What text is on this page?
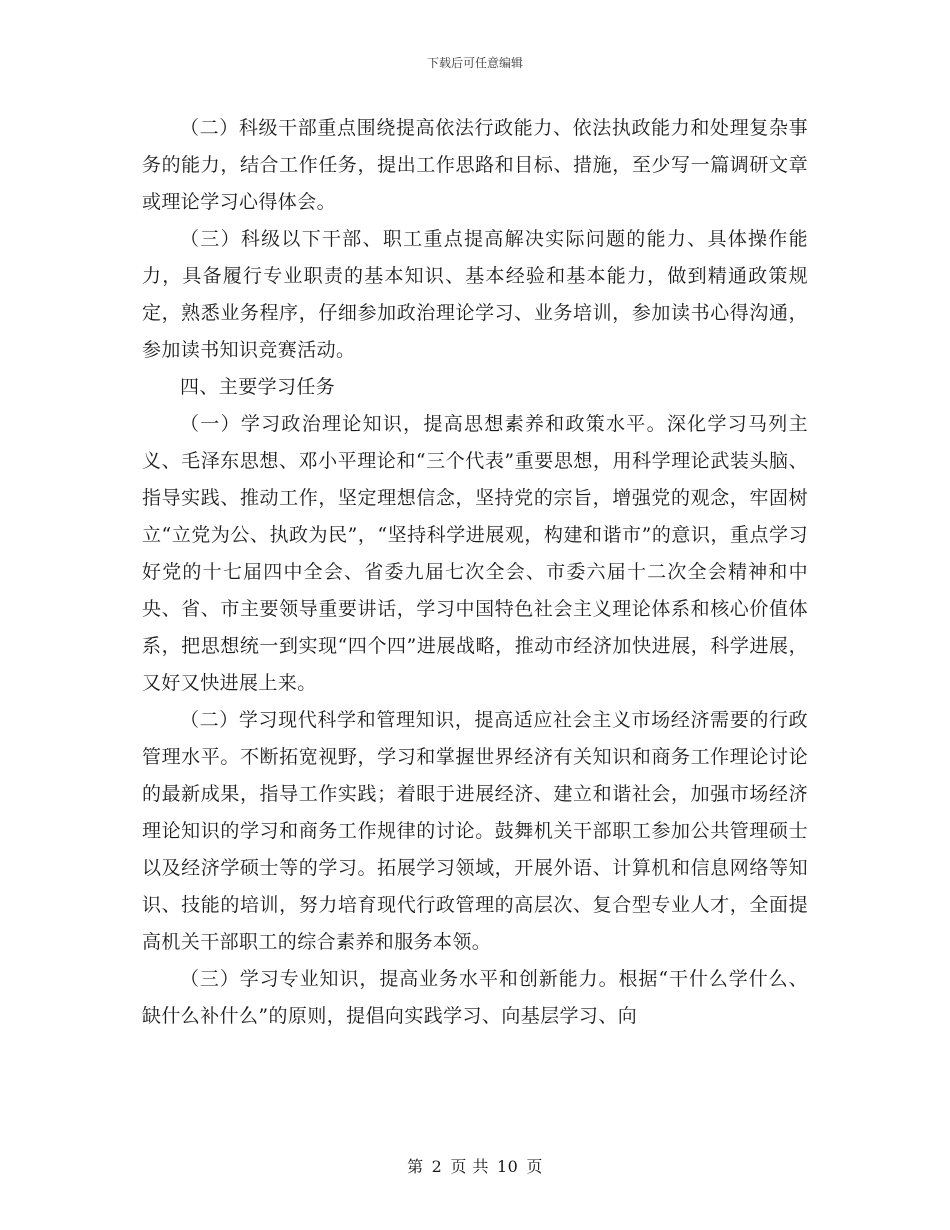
下载后可任意编辑

（二）科级干部重点围绕提高依法行政能力、依法执政能力和处理复杂事务的能力，结合工作任务，提出工作思路和目标、措施，至少写一篇调研文章或理论学习心得体会。

（三）科级以下干部、职工重点提高解决实际问题的能力、具体操作能力，具备履行专业职责的基本知识、基本经验和基本能力，做到精通政策规定，熟悉业务程序，仔细参加政治理论学习、业务培训，参加读书心得沟通，参加读书知识竞赛活动。

四、主要学习任务

（一）学习政治理论知识，提高思想素养和政策水平。深化学习马列主义、毛泽东思想、邓小平理论和“三个代表”重要思想，用科学理论武装头脑、指导实践、推动工作，坚定理想信念，坚持党的宗旨，增强党的观念，牢固树立“立党为公、执政为民”，“坚持科学进展观，构建和谐市”的意识，重点学习好党的十七届四中全会、省委九届七次全会、市委六届十二次全会精神和中央、省、市主要领导重要讲话，学习中国特色社会主义理论体系和核心价值体系，把思想统一到实现“四个四”进展战略，推动市经济加快进展，科学进展，又好又快进展上来。

（二）学习现代科学和管理知识，提高适应社会主义市场经济需要的行政管理水平。不断拓宽视野，学习和掌握世界经济有关知识和商务工作理论讨论的最新成果，指导工作实践；着眼于进展经济、建立和谐社会，加强市场经济理论知识的学习和商务工作规律的讨论。鼓舞机关干部职工参加公共管理硕士以及经济学硕士等的学习。拓展学习领域，开展外语、计算机和信息网络等知识、技能的培训，努力培育现代行政管理的高层次、复合型专业人才，全面提高机关干部职工的综合素养和服务本领。

（三）学习专业知识，提高业务水平和创新能力。根据“干什么学什么、缺什么补什么”的原则，提倡向实践学习、向基层学习、向

第 2 页 共 10 页
